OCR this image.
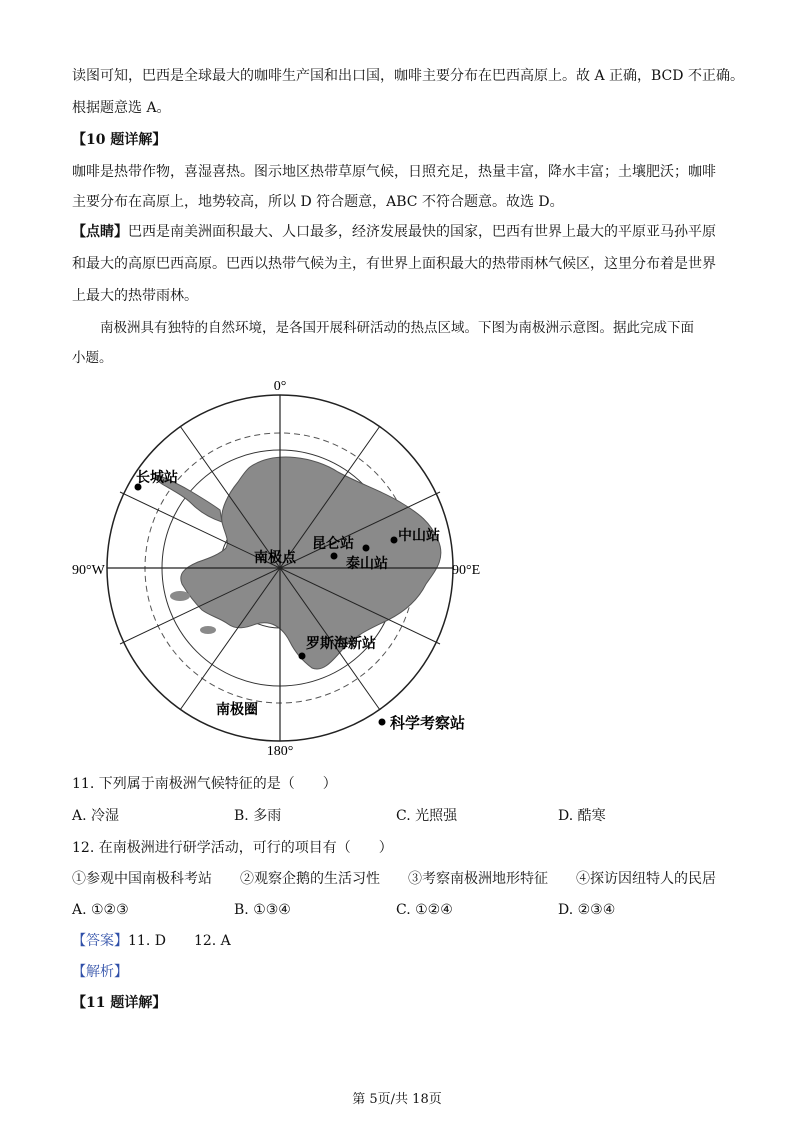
读图可知，巴西是全球最大的咖啡生产国和出口国，咖啡主要分布在巴西高原上。故 A 正确，BCD 不正确。
根据题意选 A。
【10 题详解】
咖啡是热带作物，喜湿喜热。图示地区热带草原气候，日照充足，热量丰富，降水丰富；土壤肥沃；咖啡
主要分布在高原上，地势较高，所以 D 符合题意，ABC 不符合题意。故选 D。
【点睛】巴西是南美洲面积最大、人口最多，经济发展最快的国家，巴西有世界上最大的平原亚马孙平原
和最大的高原巴西高原。巴西以热带气候为主，有世界上面积最大的热带雨林气候区，这里分布着是世界
上最大的热带雨林。
南极洲具有独特的自然环境，是各国开展科研活动的热点区域。下图为南极洲示意图。据此完成下面
小题。
0°
180°
90°W	90°E
南极点
南极圈
长城站
中山站
昆仑站
泰山站
罗斯海新站
科学考察站
11. 下列属于南极洲气候特征的是（　　）
A. 冷湿	B. 多雨	C. 光照强	D. 酷寒
12. 在南极洲进行研学活动，可行的项目有（　　）
①参观中国南极科考站 ②观察企鹅的生活习性 ③考察南极洲地形特征 ④探访因纽特人的民居
A. ①②③	B. ①③④	C. ①②④	D. ②③④
【答案】11. D　　12. A
【解析】
【11 题详解】
第 5页/共 18页
